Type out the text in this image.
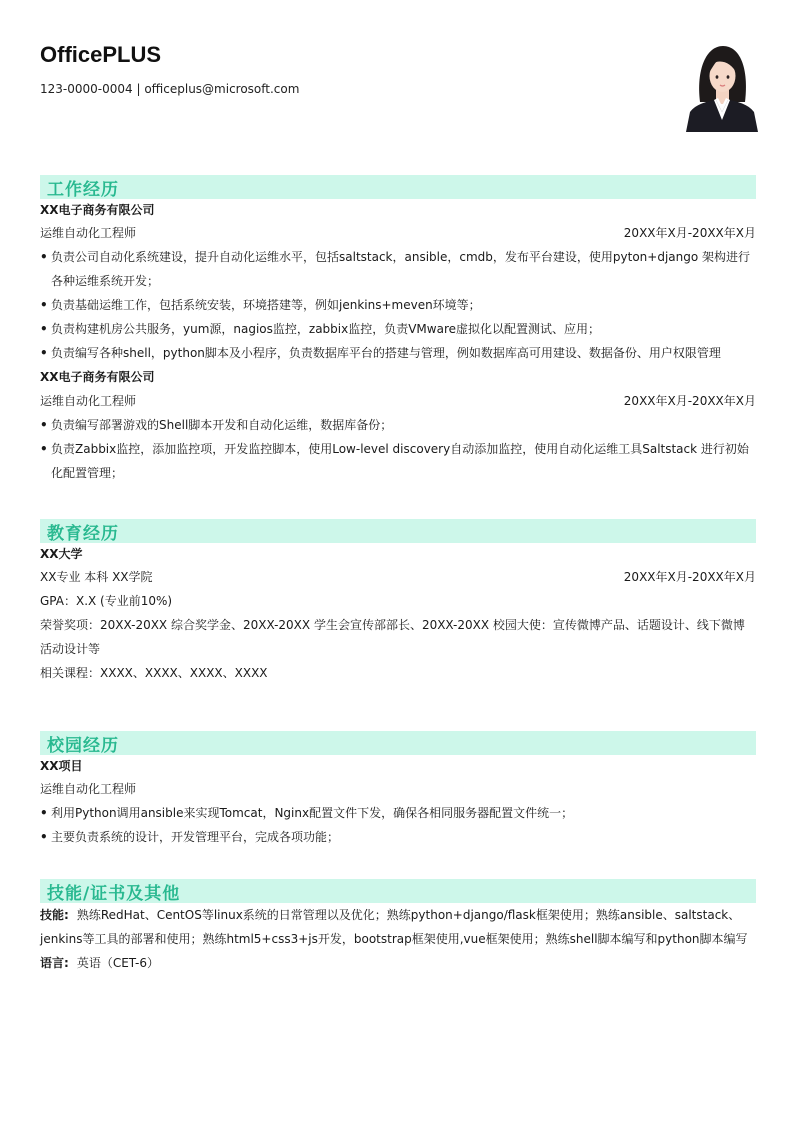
OfficePLUS
123-0000-0004 | officeplus@microsoft.com
工作经历
XX电子商务有限公司
运维自动化工程师	20XX年X月-20XX年X月
• 负责公司自动化系统建设，提升自动化运维水平，包括saltstack，ansible，cmdb，发布平台建设，使用pyton+django 架构进行各种运维系统开发；
• 负责基础运维工作，包括系统安装，环境搭建等，例如jenkins+meven环境等；
• 负责构建机房公共服务，yum源，nagios监控，zabbix监控，负责VMware虚拟化以配置测试、应用；
• 负责编写各种shell，python脚本及小程序，负责数据库平台的搭建与管理，例如数据库高可用建设、数据备份、用户权限管理
XX电子商务有限公司
运维自动化工程师	20XX年X月-20XX年X月
• 负责编写部署游戏的Shell脚本开发和自动化运维，数据库备份；
• 负责Zabbix监控，添加监控项，开发监控脚本，使用Low-level discovery自动添加监控，使用自动化运维工具Saltstack 进行初始化配置管理；
教育经历
XX大学
XX专业 本科 XX学院	20XX年X月-20XX年X月
GPA：X.X (专业前10%)
荣誉奖项：20XX-20XX 综合奖学金、20XX-20XX 学生会宣传部部长、20XX-20XX 校园大使：宣传微博产品、话题设计、线下微博活动设计等
相关课程：XXXX、XXXX、XXXX、XXXX
校园经历
XX项目
运维自动化工程师
• 利用Python调用ansible来实现Tomcat，Nginx配置文件下发，确保各相同服务器配置文件统一；
• 主要负责系统的设计，开发管理平台，完成各项功能；
技能/证书及其他
技能: 熟练RedHat、CentOS等linux系统的日常管理以及优化；熟练python+django/flask框架使用；熟练ansible、saltstack、jenkins等工具的部署和使用；熟练html5+css3+js开发，bootstrap框架使用,vue框架使用；熟练shell脚本编写和python脚本编写
语言: 英语（CET-6）
